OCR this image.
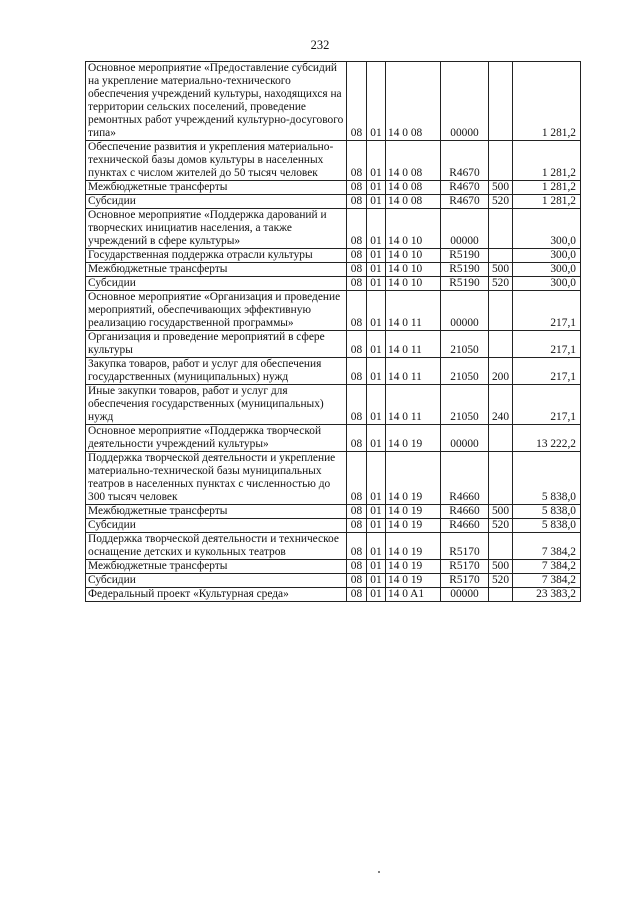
232
Основное мероприятие «Предоставление субсидий на укрепление материально-технического обеспечения учреждений культуры, находящихся на территории сельских поселений, проведение ремонтных работ учреждений культурно-досугового типа»	08	01	14 0 08	00000		1 281,2
Обеспечение развития и укрепления материально-технической базы домов культуры в населенных пунктах с числом жителей до 50 тысяч человек	08	01	14 0 08	R4670		1 281,2
Межбюджетные трансферты	08	01	14 0 08	R4670	500	1 281,2
Субсидии	08	01	14 0 08	R4670	520	1 281,2
Основное мероприятие «Поддержка дарований и творческих инициатив населения, а также учреждений в сфере культуры»	08	01	14 0 10	00000		300,0
Государственная поддержка отрасли культуры	08	01	14 0 10	R5190		300,0
Межбюджетные трансферты	08	01	14 0 10	R5190	500	300,0
Субсидии	08	01	14 0 10	R5190	520	300,0
Основное мероприятие «Организация и проведение мероприятий, обеспечивающих эффективную реализацию государственной программы»	08	01	14 0 11	00000		217,1
Организация и проведение мероприятий в сфере культуры	08	01	14 0 11	21050		217,1
Закупка товаров, работ и услуг для обеспечения государственных (муниципальных) нужд	08	01	14 0 11	21050	200	217,1
Иные закупки товаров, работ и услуг для обеспечения государственных (муниципальных) нужд	08	01	14 0 11	21050	240	217,1
Основное мероприятие «Поддержка творческой деятельности учреждений культуры»	08	01	14 0 19	00000		13 222,2
Поддержка творческой деятельности и укрепление материально-технической базы муниципальных театров в населенных пунктах с численностью до 300 тысяч человек	08	01	14 0 19	R4660		5 838,0
Межбюджетные трансферты	08	01	14 0 19	R4660	500	5 838,0
Субсидии	08	01	14 0 19	R4660	520	5 838,0
Поддержка творческой деятельности и техническое оснащение детских и кукольных театров	08	01	14 0 19	R5170		7 384,2
Межбюджетные трансферты	08	01	14 0 19	R5170	500	7 384,2
Субсидии	08	01	14 0 19	R5170	520	7 384,2
Федеральный проект «Культурная среда»	08	01	14 0 A1	00000		23 383,2
